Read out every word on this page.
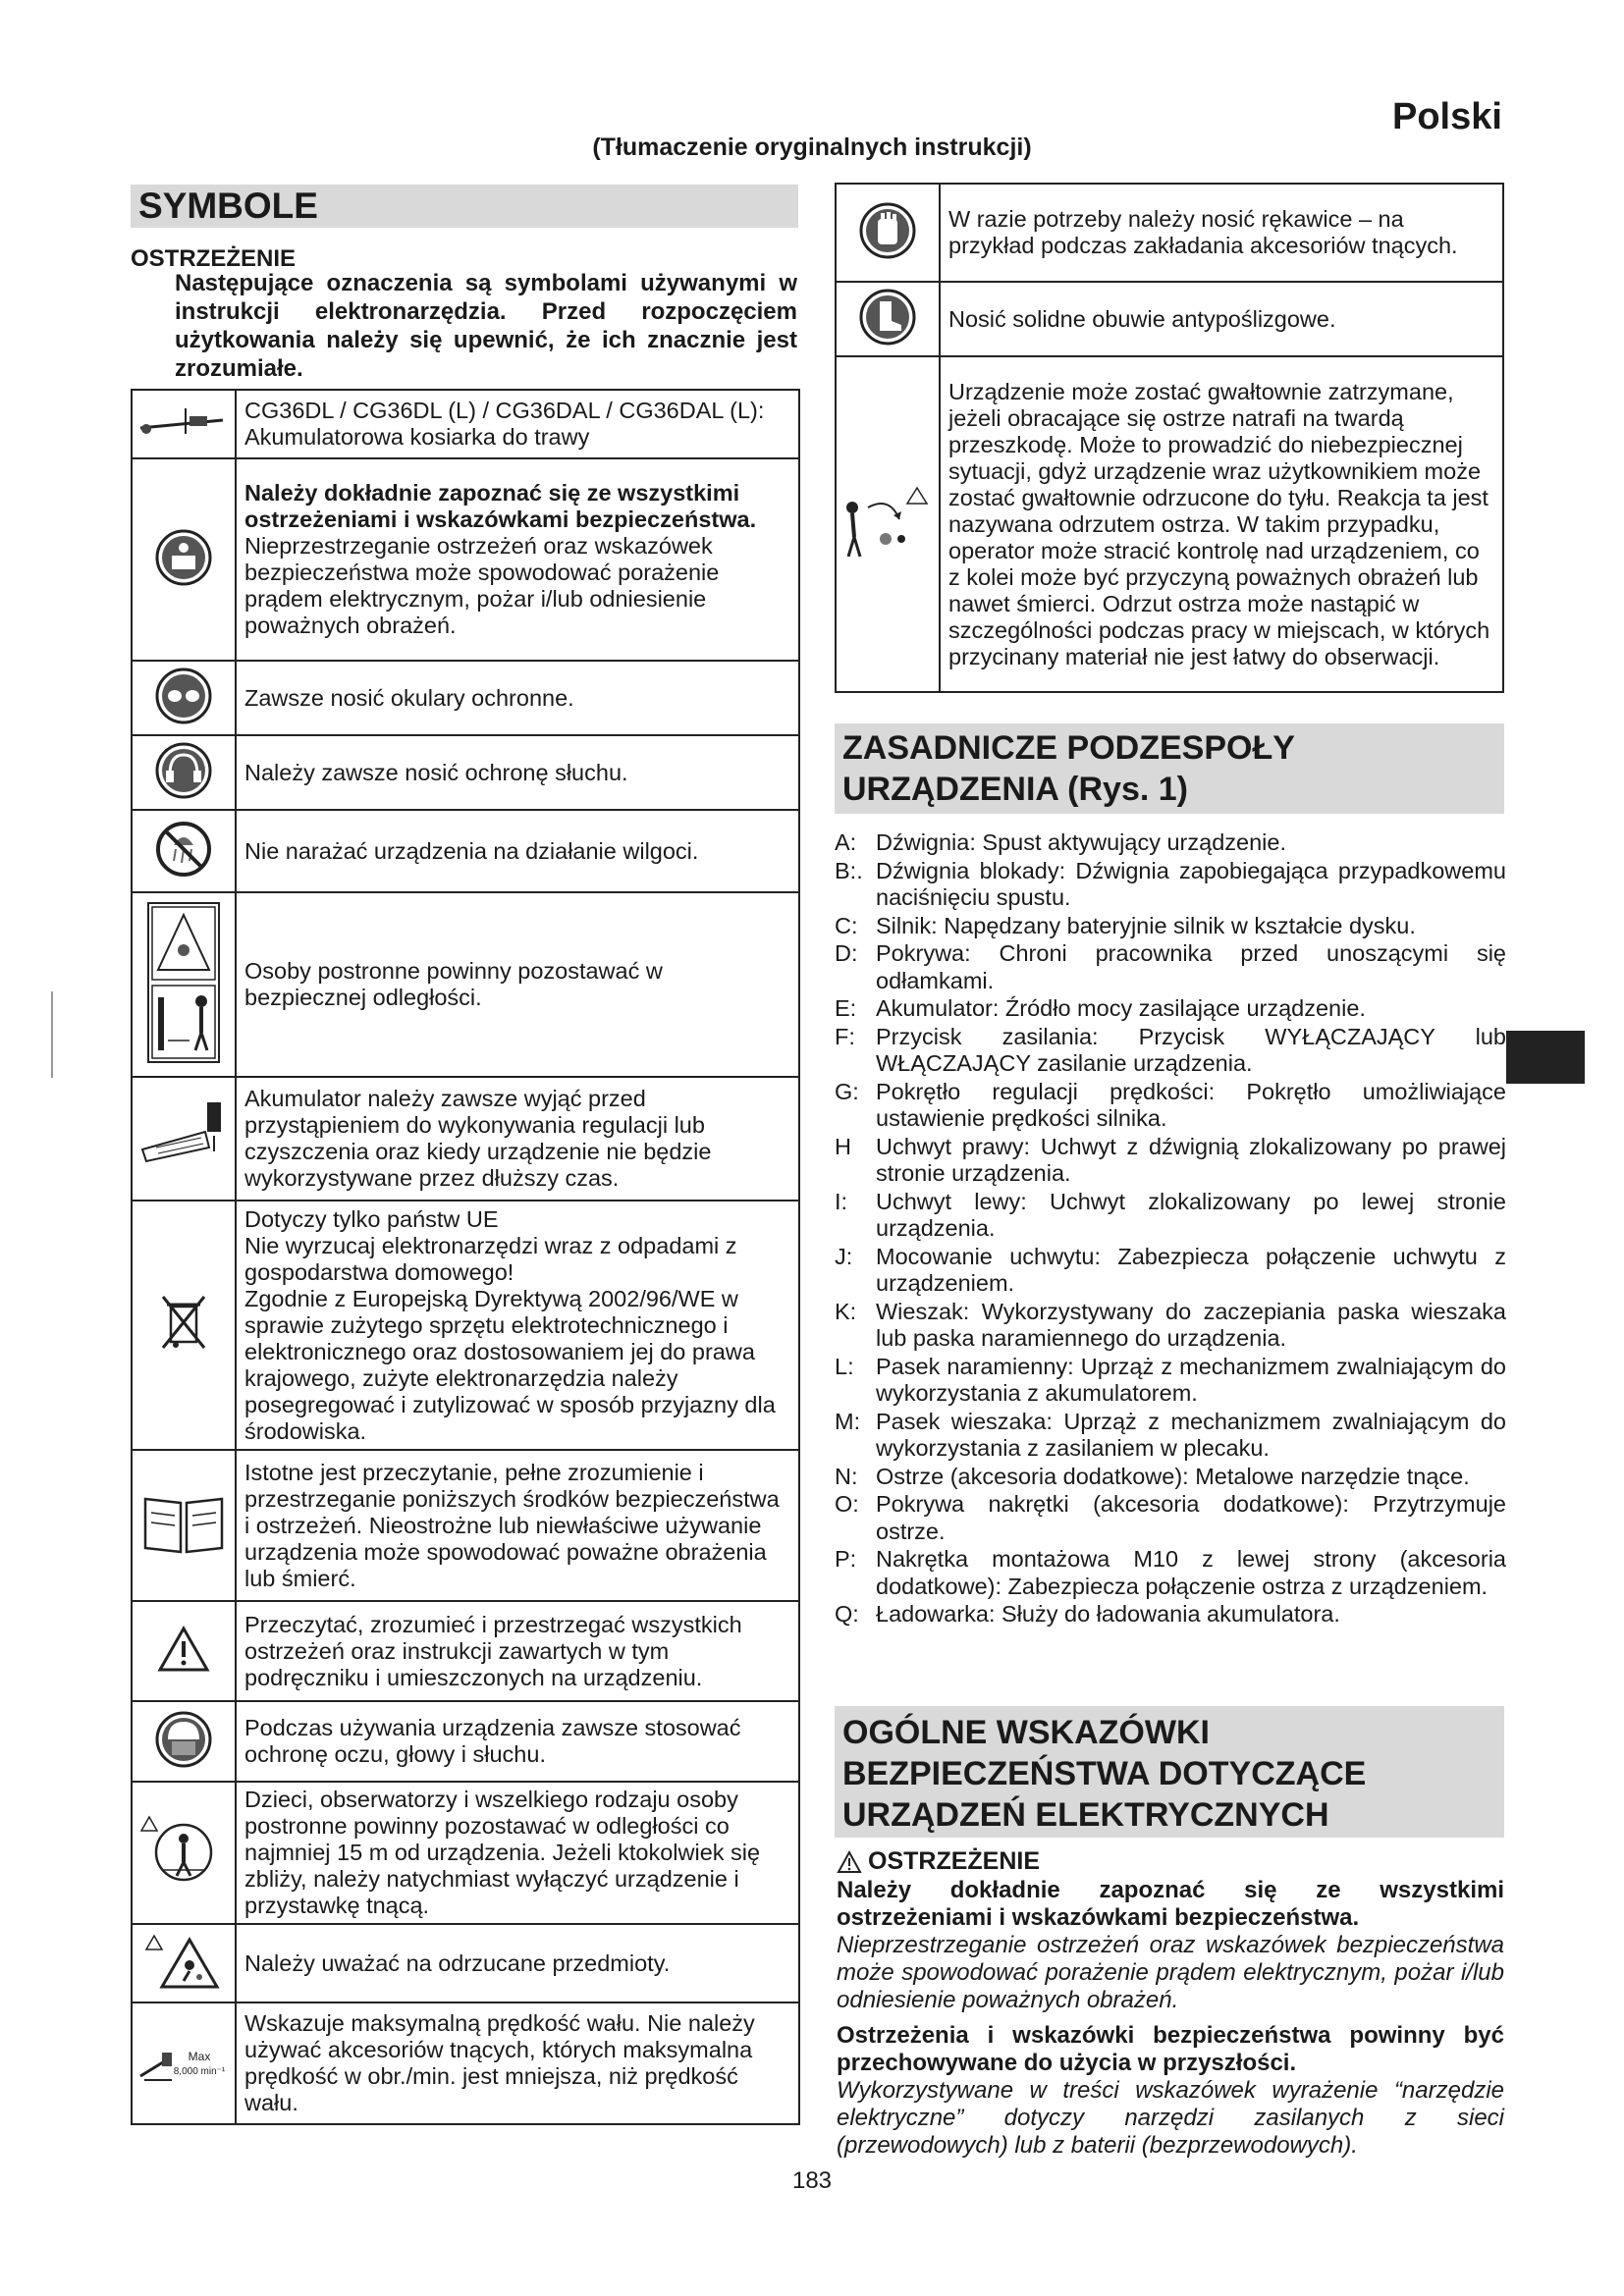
Polski
(Tłumaczenie oryginalnych instrukcji)
SYMBOLE
OSTRZEŻENIE
Następujące oznaczenia są symbolami używanymi w instrukcji elektronarzędzia. Przed rozpoczęciem użytkowania należy się upewnić, że ich znacznie jest zrozumiałe.
	CG36DL / CG36DL (L) / CG36DAL / CG36DAL (L): Akumulatorowa kosiarka do trawy

Należy dokładnie zapoznać się ze wszystkimi ostrzeżeniami i wskazówkami bezpieczeństwa.
Nieprzestrzeganie ostrzeżeń oraz wskazówek bezpieczeństwa może spowodować porażenie prądem elektrycznym, pożar i/lub odniesienie poważnych obrażeń.

	Zawsze nosić okulary ochronne.
	Należy zawsze nosić ochronę słuchu.
	Nie narażać urządzenia na działanie wilgoci.
	Osoby postronne powinny pozostawać w bezpiecznej odległości.
	Akumulator należy zawsze wyjąć przed przystąpieniem do wykonywania regulacji lub czyszczenia oraz kiedy urządzenie nie będzie wykorzystywane przez dłuższy czas.
	Dotyczy tylko państw UE
Nie wyrzucaj elektronarzędzi wraz z odpadami z gospodarstwa domowego!
Zgodnie z Europejską Dyrektywą 2002/96/WE w sprawie zużytego sprzętu elektrotechnicznego i elektronicznego oraz dostosowaniem jej do prawa krajowego, zużyte elektronarzędzia należy posegregować i zutylizować w sposób przyjazny dla środowiska.
	Istotne jest przeczytanie, pełne zrozumienie i przestrzeganie poniższych środków bezpieczeństwa i ostrzeżeń. Nieostrożne lub niewłaściwe używanie urządzenia może spowodować poważne obrażenia lub śmierć.
	Przeczytać, zrozumieć i przestrzegać wszystkich ostrzeżeń oraz instrukcji zawartych w tym podręczniku i umieszczonych na urządzeniu.
	Podczas używania urządzenia zawsze stosować ochronę oczu, głowy i słuchu.
	Dzieci, obserwatorzy i wszelkiego rodzaju osoby postronne powinny pozostawać w odległości co najmniej 15 m od urządzenia. Jeżeli ktokolwiek się zbliży, należy natychmiast wyłączyć urządzenie i przystawkę tnącą.
	Należy uważać na odrzucane przedmioty.

Max
8,000 min⁻¹	Wskazuje maksymalną prędkość wału. Nie należy używać akcesoriów tnących, których maksymalna prędkość w obr./min. jest mniejsza, niż prędkość wału.
	W razie potrzeby należy nosić rękawice – na przykład podczas zakładania akcesoriów tnących.
	Nosić solidne obuwie antypoślizgowe.
	Urządzenie może zostać gwałtownie zatrzymane, jeżeli obracające się ostrze natrafi na twardą przeszkodę. Może to prowadzić do niebezpiecznej sytuacji, gdyż urządzenie wraz użytkownikiem może zostać gwałtownie odrzucone do tyłu. Reakcja ta jest nazywana odrzutem ostrza. W takim przypadku, operator może stracić kontrolę nad urządzeniem, co z kolei może być przyczyną poważnych obrażeń lub nawet śmierci. Odrzut ostrza może nastąpić w szczególności podczas pracy w miejscach, w których przycinany materiał nie jest łatwy do obserwacji.
ZASADNICZE PODZESPOŁY
URZĄDZENIA (Rys. 1)
A: Dźwignia: Spust aktywujący urządzenie.
B:. Dźwignia blokady: Dźwignia zapobiegająca przypadkowemu naciśnięciu spustu.
C: Silnik: Napędzany bateryjnie silnik w kształcie dysku.
D: Pokrywa: Chroni pracownika przed unoszącymi się odłamkami.
E: Akumulator: Źródło mocy zasilające urządzenie.
F: Przycisk zasilania: Przycisk WYŁĄCZAJĄCY lub WŁĄCZAJĄCY zasilanie urządzenia.
G: Pokrętło regulacji prędkości: Pokrętło umożliwiające ustawienie prędkości silnika.
H	Uchwyt prawy: Uchwyt z dźwignią zlokalizowany po prawej stronie urządzenia.
I:	Uchwyt lewy: Uchwyt zlokalizowany po lewej stronie urządzenia.
J:	Mocowanie uchwytu: Zabezpiecza połączenie uchwytu z urządzeniem.
K: Wieszak: Wykorzystywany do zaczepiania paska wieszaka lub paska naramiennego do urządzenia.
L: Pasek naramienny: Uprząż z mechanizmem zwalniającym do wykorzystania z akumulatorem.
M: Pasek wieszaka: Uprząż z mechanizmem zwalniającym do wykorzystania z zasilaniem w plecaku.
N: Ostrze (akcesoria dodatkowe): Metalowe narzędzie tnące.
O: Pokrywa nakrętki (akcesoria dodatkowe): Przytrzymuje ostrze.
P: Nakrętka montażowa M10 z lewej strony (akcesoria dodatkowe): Zabezpiecza połączenie ostrza z urządzeniem.
Q: Ładowarka: Służy do ładowania akumulatora.
OGÓLNE WSKAZÓWKI
BEZPIECZEŃSTWA DOTYCZĄCE
URZĄDZEŃ ELEKTRYCZNYCH
OSTRZEŻENIE
Należy dokładnie zapoznać się ze wszystkimi ostrzeżeniami i wskazówkami bezpieczeństwa.
Nieprzestrzeganie ostrzeżeń oraz wskazówek bezpieczeństwa może spowodować porażenie prądem elektrycznym, pożar i/lub odniesienie poważnych obrażeń.
Ostrzeżenia i wskazówki bezpieczeństwa powinny być przechowywane do użycia w przyszłości.
Wykorzystywane w treści wskazówek wyrażenie “narzędzie elektryczne” dotyczy narzędzi zasilanych z sieci (przewodowych) lub z baterii (bezprzewodowych).
183
